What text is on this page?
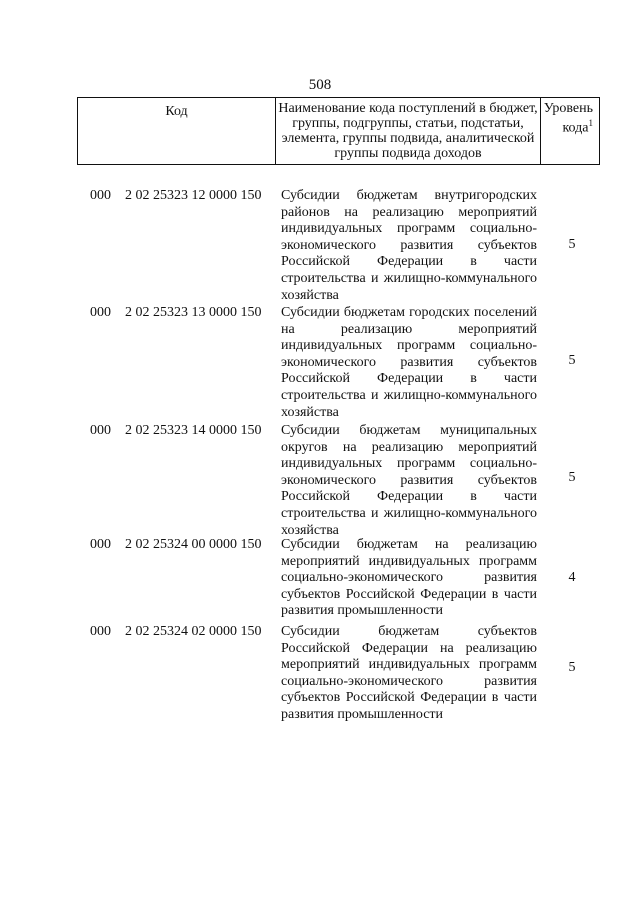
508
Код	Наименование кода поступлений в бюджет, группы, подгруппы, статьи, подстатьи, элемента, группы подвида, аналитической группы подвида доходов
Уровень кода$^1$
000 2 02 25323 12 0000 150 Субсидии бюджетам внутригородских районов на реализацию мероприятий индивидуальных программ социально-экономического развития субъектов Российской Федерации в части строительства и жилищно-коммунального хозяйства
5
000 2 02 25323 13 0000 150 Субсидии бюджетам городских поселений на реализацию мероприятий индивидуальных программ социально-экономического развития субъектов Российской Федерации в части строительства и жилищно-коммунального хозяйства
5
000 2 02 25323 14 0000 150 Субсидии бюджетам муниципальных округов на реализацию мероприятий индивидуальных программ социально-экономического развития субъектов Российской Федерации в части строительства и жилищно-коммунального хозяйства
5
000 2 02 25324 00 0000 150 Субсидии бюджетам на реализацию мероприятий индивидуальных программ социально-экономического развития субъектов Российской Федерации в части развития промышленности
4
000 2 02 25324 02 0000 150 Субсидии бюджетам субъектов Российской Федерации на реализацию мероприятий индивидуальных программ социально-экономического развития субъектов Российской Федерации в части развития промышленности
5
